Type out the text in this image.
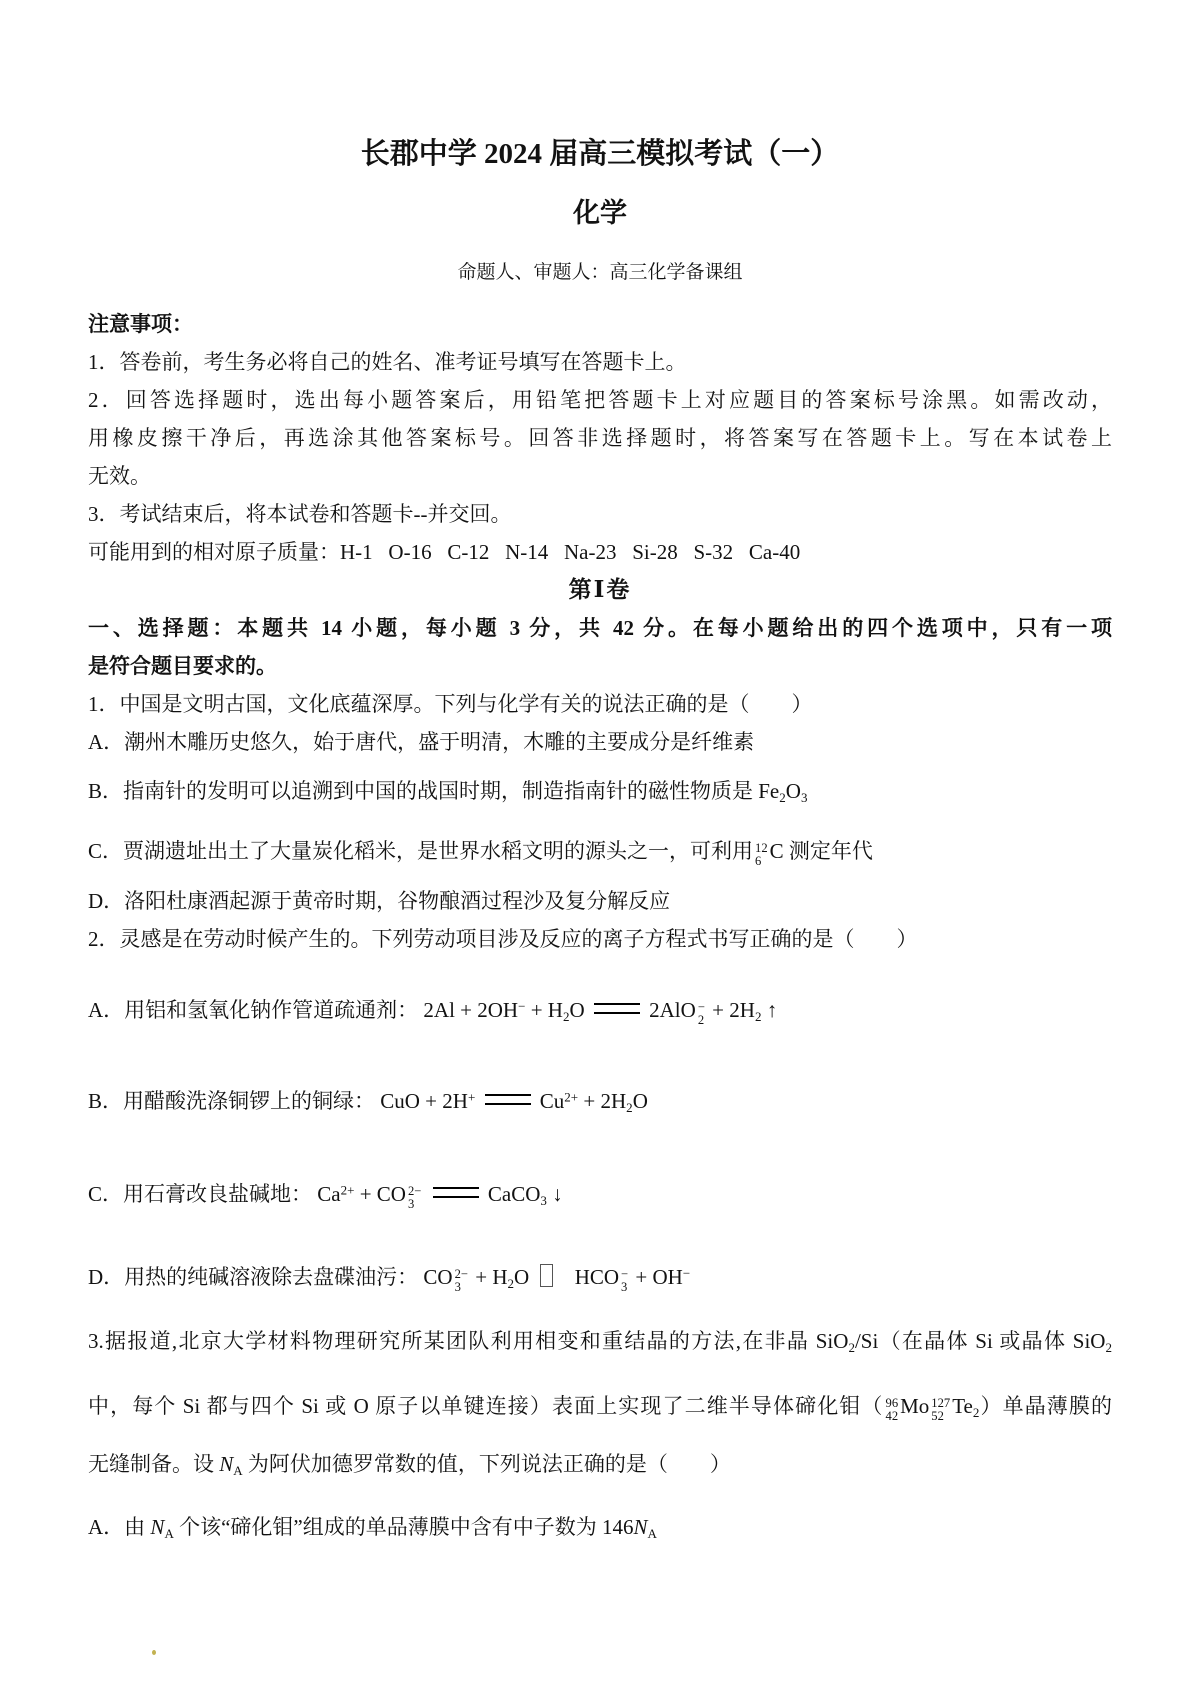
长郡中学 2024 届高三模拟考试（一）
化学
命题人、审题人：高三化学备课组
注意事项：
1．答卷前，考生务必将自己的姓名、准考证号填写在答题卡上。
2．回答选择题时，选出每小题答案后，用铅笔把答题卡上对应题目的答案标号涂黑。如需改动，
用橡皮擦干净后，再选涂其他答案标号。回答非选择题时，将答案写在答题卡上。写在本试卷上
无效。
3．考试结束后，将本试卷和答题卡--并交回。
可能用到的相对原子质量：H-1   O-16   C-12   N-14   Na-23   Si-28   S-32   Ca-40
第Ⅰ卷
一、选择题：本题共 14 小题，每小题 3 分，共 42 分。在每小题给出的四个选项中，只有一项
是符合题目要求的。
1．中国是文明古国，文化底蕴深厚。下列与化学有关的说法正确的是（　　）
A．潮州木雕历史悠久，始于唐代，盛于明清，木雕的主要成分是纤维素
B．指南针的发明可以追溯到中国的战国时期，制造指南针的磁性物质是 $Fe_2O_3$
C．贾湖遗址出土了大量炭化稻米，是世界水稻文明的源头之一，可利用 12
6 C 测定年代
D．洛阳杜康酒起源于黄帝时期，谷物酿酒过程沙及复分解反应
2．灵感是在劳动时候产生的。下列劳动项目涉及反应的离子方程式书写正确的是（　　）
A．用铝和氢氧化钠作管道疏通剂： $2Al + 2OH^- + H_2O$	2AlO −
$2 + 2H_2$ ↑
B．用醋酸洗涤铜锣上的铜绿： CuO + 2H+	$Cu^{2+} + 2H_2O$
C．用石膏改良盐碱地： $Ca^{2+}$ + CO 2−
3	CaCO$_3$ ↓
D．用热的纯碱溶液除去盘碟油污： CO 2−
$3 + H_2O$  HCO −
3 + OH−
3.据报道,北京大学材料物理研究所某团队利用相变和重结晶的方法,在非晶 SiO$_2$/Si（在晶体 Si 或晶体 SiO$_2$
中，每个 Si 都与四个 Si 或 O 原子以单键连接）表面上实现了二维半导体碲化钼（ 96
42 Mo 127
52 $Te_2$）单晶薄膜的
无缝制备。设 $N_A$ 为阿伏加德罗常数的值，下列说法正确的是（　　）
A．由 $N_A$ 个该“碲化钼”组成的单品薄膜中含有中子数为 $146N_A$
